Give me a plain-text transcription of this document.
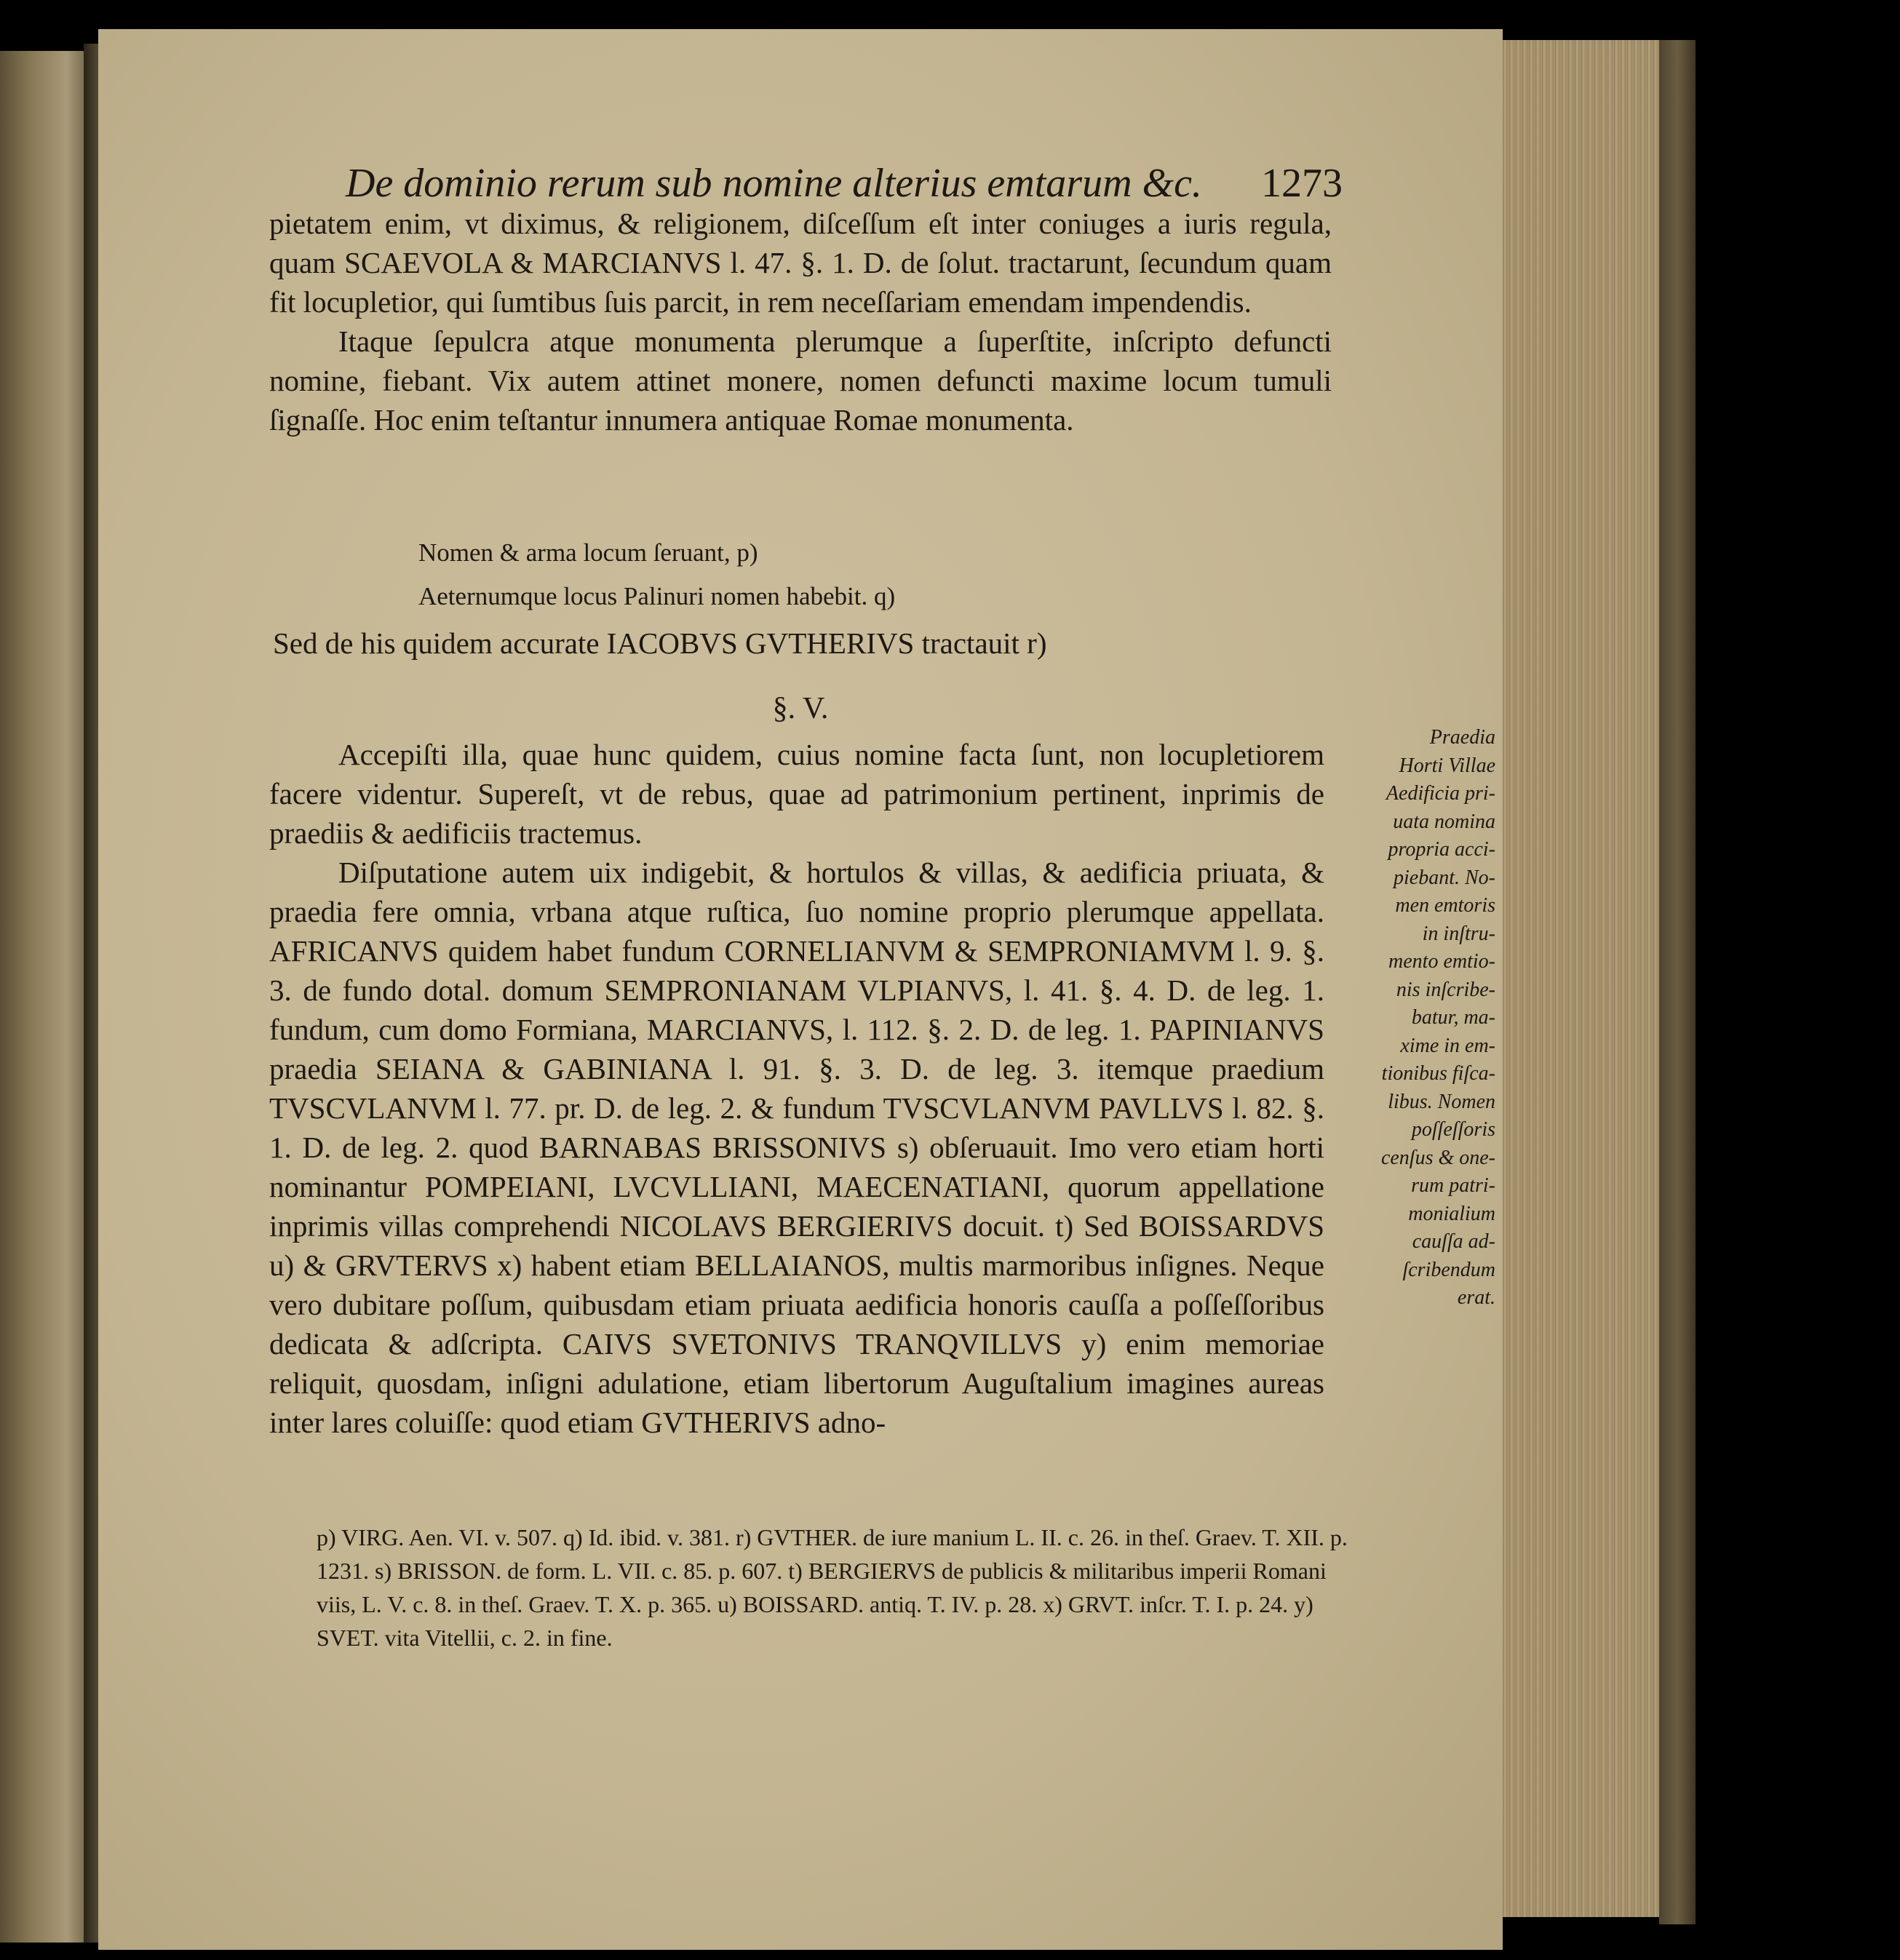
De dominio rerum sub nomine alterius emtarum &c. 1273

pietatem enim, vt diximus, & religionem, diſceſſum eſt inter coniuges a iuris regula, quam SCAEVOLA & MARCIANVS l. 47. §. 1. D. de ſolut. tractarunt, ſecundum quam fit locupletior, qui ſumtibus ſuis parcit, in rem neceſſariam emendam impendendis.

Itaque ſepulcra atque monumenta plerumque a ſuperſtite, inſcripto defuncti nomine, fiebant. Vix autem attinet monere, nomen defuncti maxime locum tumuli ſignaſſe. Hoc enim teſtantur innumera antiquae Romae monumenta.

Nomen & arma locum ſeruant, p)
Aeternumque locus Palinuri nomen habebit. q)
Sed de his quidem accurate IACOBVS GVTHERIVS tractauit r)
§. V.

Accepiſti illa, quae hunc quidem, cuius nomine facta ſunt, non locupletiorem facere videntur. Supereſt, vt de rebus, quae ad patrimonium pertinent, inprimis de praediis & aedificiis tractemus.

Diſputatione autem uix indigebit, & hortulos & villas, & aedificia priuata, & praedia fere omnia, vrbana atque ruſtica, ſuo nomine proprio plerumque appellata. AFRICANVS quidem habet fundum CORNELIANVM & SEMPRONIAMVM l. 9. §. 3. de fundo dotal. domum SEMPRONIANAM VLPIANVS, l. 41. §. 4. D. de leg. 1. fundum, cum domo Formiana, MARCIANVS, l. 112. §. 2. D. de leg. 1. PAPINIANVS praedia SEIANA & GABINIANA l. 91. §. 3. D. de leg. 3. itemque praedium TVSCVLANVM l. 77. pr. D. de leg. 2. & fundum TVSCVLANVM PAVLLVS l. 82. §. 1. D. de leg. 2. quod BARNABAS BRISSONIVS s) obſeruauit. Imo vero etiam horti nominantur POMPEIANI, LVCVLLIANI, MAECENATIANI, quorum appellatione inprimis villas comprehendi NICOLAVS BERGIERIVS docuit. t) Sed BOISSARDVS u) & GRVTERVS x) habent etiam BELLAIANOS, multis marmoribus inſignes. Neque vero dubitare poſſum, quibusdam etiam priuata aedificia honoris cauſſa a poſſeſſoribus dedicata & adſcripta. CAIVS SVETONIVS TRANQVILLVS y) enim memoriae reliquit, quosdam, inſigni adulatione, etiam libertorum Auguſtalium imagines aureas inter lares coluiſſe: quod etiam GVTHERIVS adno-

Praedia
Horti Villae
Aedificia pri-
uata nomina
propria acci-
piebant. No-
men emtoris
in inſtru-
mento emtio-
nis inſcribe-
batur, ma-
xime in em-
tionibus fiſca-
libus. Nomen
poſſeſſoris
cenſus & one-
rum patri-
monialium
cauſſa ad-
ſcribendum
erat.

p) VIRG. Aen. VI. v. 507. q) Id. ibid. v. 381. r) GVTHER. de iure manium L. II. c. 26. in theſ. Graev. T. XII. p. 1231. s) BRISSON. de form. L. VII. c. 85. p. 607. t) BERGIERVS de publicis & militaribus imperii Romani viis, L. V. c. 8. in theſ. Graev. T. X. p. 365. u) BOISSARD. antiq. T. IV. p. 28. x) GRVT. inſcr. T. I. p. 24. y) SVET. vita Vitellii, c. 2. in fine.
